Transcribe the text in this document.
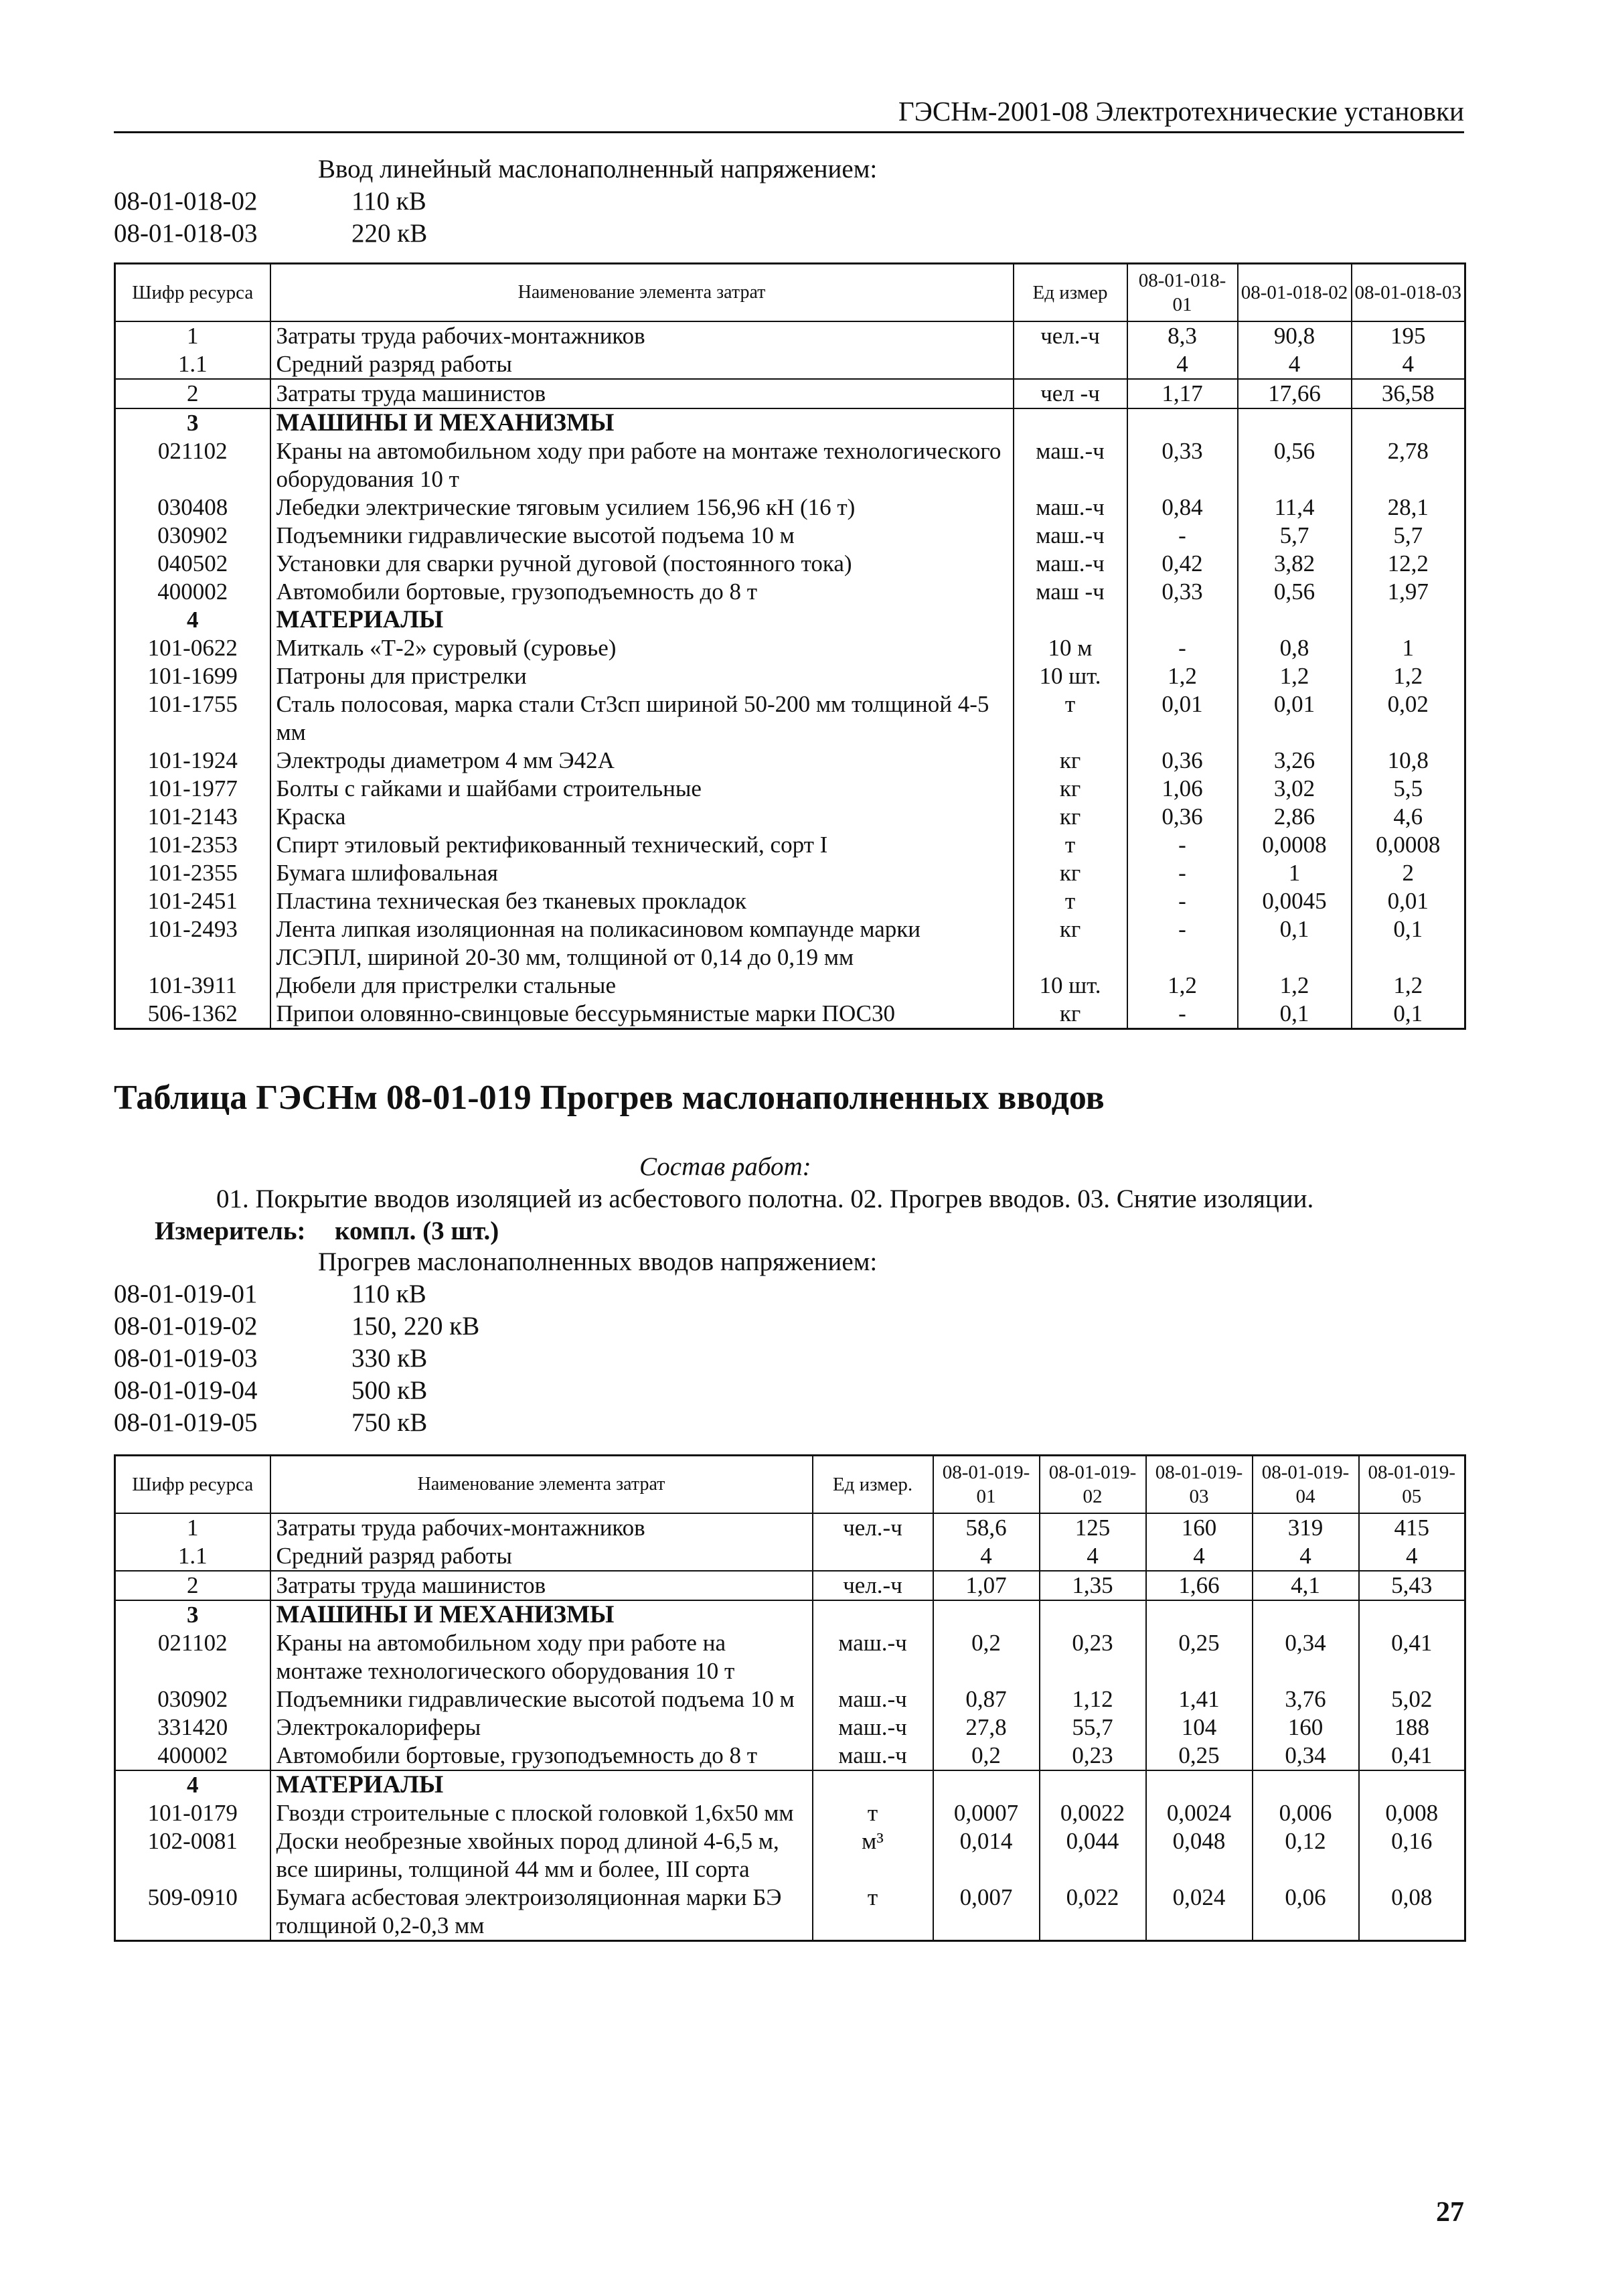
ГЭСНм-2001-08 Электротехнические установки
Ввод линейный маслонаполненный напряжением:
08-01-018-02	110 кВ
08-01-018-03	220 кВ
Шифр ресурса	Наименование элемента затрат	Ед измер	08-01-018-01	08-01-018-02	08-01-018-03
1	Затраты труда рабочих-монтажников	чел.-ч	8,3	90,8	195
1.1	Средний разряд работы		4	4	4
2	Затраты труда машинистов	чел -ч	1,17	17,66	36,58
3	МАШИНЫ И МЕХАНИЗМЫ				
021102	Краны на автомобильном ходу при работе на монтаже технологического оборудования 10 т	маш.-ч	0,33	0,56	2,78
030408	Лебедки электрические тяговым усилием 156,96 кН (16 т)	маш.-ч	0,84	11,4	28,1
030902	Подъемники гидравлические высотой подъема 10 м	маш.-ч	-	5,7	5,7
040502	Установки для сварки ручной дуговой (постоянного тока)	маш.-ч	0,42	3,82	12,2
400002	Автомобили бортовые, грузоподъемность до 8 т	маш -ч	0,33	0,56	1,97
4	МАТЕРИАЛЫ				
101-0622	Миткаль «Т-2» суровый (суровье)	10 м	-	0,8	1
101-1699	Патроны для пристрелки	10 шт.	1,2	1,2	1,2
101-1755	Сталь полосовая, марка стали Ст3сп шириной 50-200 мм толщиной 4-5 мм	т	0,01	0,01	0,02
101-1924	Электроды диаметром 4 мм Э42А	кг	0,36	3,26	10,8
101-1977	Болты с гайками и шайбами строительные	кг	1,06	3,02	5,5
101-2143	Краска	кг	0,36	2,86	4,6
101-2353	Спирт этиловый ректификованный технический, сорт I	т	-	0,0008	0,0008
101-2355	Бумага шлифовальная	кг	-	1	2
101-2451	Пластина техническая без тканевых прокладок	т	-	0,0045	0,01
101-2493	Лента липкая изоляционная на поликасиновом компаунде марки ЛСЭПЛ, шириной 20-30 мм, толщиной от 0,14 до 0,19 мм	кг	-	0,1	0,1
101-3911	Дюбели для пристрелки стальные	10 шт.	1,2	1,2	1,2
506-1362	Припои оловянно-свинцовые бессурьмянистые марки ПОС30	кг	-	0,1	0,1
Таблица ГЭСНм 08-01-019 Прогрев маслонаполненных вводов
Состав работ:
01. Покрытие вводов изоляцией из асбестового полотна. 02. Прогрев вводов. 03. Снятие изоляции.
Измеритель: компл. (3 шт.)
Прогрев маслонаполненных вводов напряжением:
08-01-019-01	110 кВ
08-01-019-02	150, 220 кВ
08-01-019-03	330 кВ
08-01-019-04	500 кВ
08-01-019-05	750 кВ
Шифр ресурса	Наименование элемента затрат	Ед измер.	08-01-019-01	08-01-019-02	08-01-019-03	08-01-019-04	08-01-019-05
1	Затраты труда рабочих-монтажников	чел.-ч	58,6	125	160	319	415
1.1	Средний разряд работы		4	4	4	4	4
2	Затраты труда машинистов	чел.-ч	1,07	1,35	1,66	4,1	5,43
3	МАШИНЫ И МЕХАНИЗМЫ						
021102	Краны на автомобильном ходу при работе на монтаже технологического оборудования 10 т	маш.-ч	0,2	0,23	0,25	0,34	0,41
030902	Подъемники гидравлические высотой подъема 10 м	маш.-ч	0,87	1,12	1,41	3,76	5,02
331420	Электрокалориферы	маш.-ч	27,8	55,7	104	160	188
400002	Автомобили бортовые, грузоподъемность до 8 т	маш.-ч	0,2	0,23	0,25	0,34	0,41
4	МАТЕРИАЛЫ						
101-0179	Гвозди строительные с плоской головкой 1,6х50 мм	т	0,0007	0,0022	0,0024	0,006	0,008
102-0081	Доски необрезные хвойных пород длиной 4-6,5 м, все ширины, толщиной 44 мм и более, III сорта	м³	0,014	0,044	0,048	0,12	0,16
509-0910	Бумага асбестовая электроизоляционная марки БЭ толщиной 0,2-0,3 мм	т	0,007	0,022	0,024	0,06	0,08
27
